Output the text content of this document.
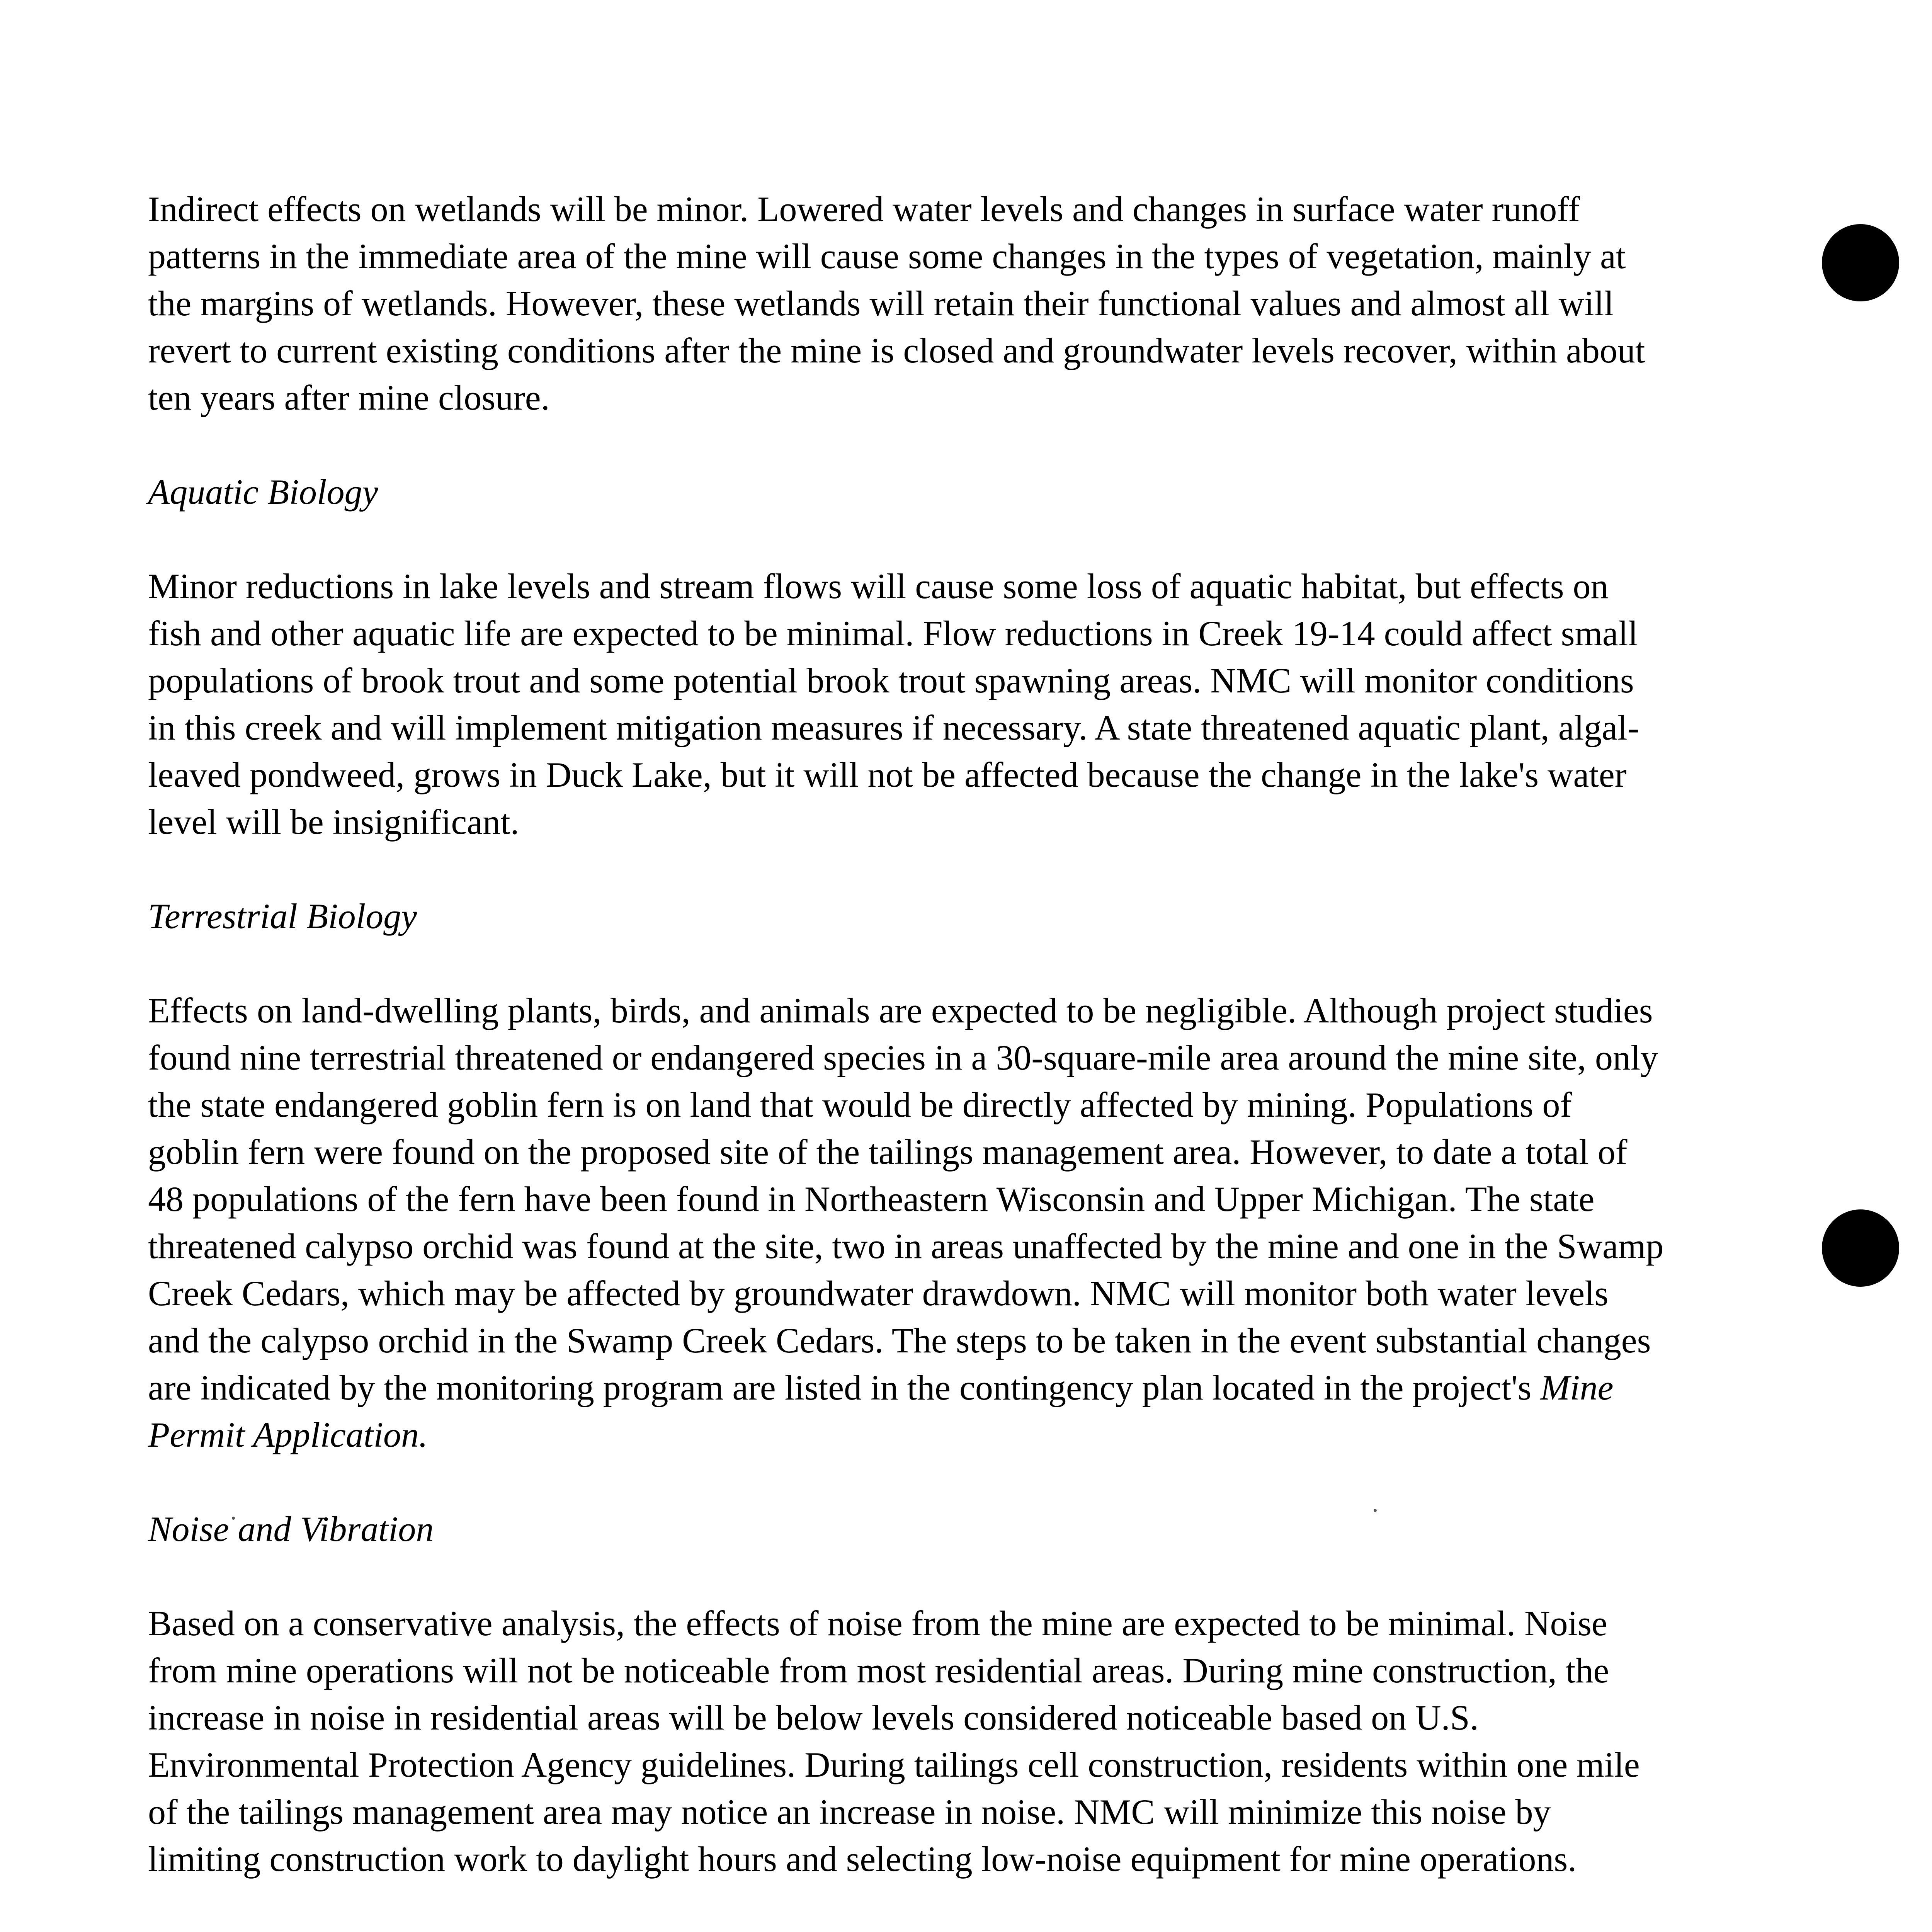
Indirect effects on wetlands will be minor. Lowered water levels and changes in surface water runoff patterns in the immediate area of the mine will cause some changes in the types of vegetation, mainly at the margins of wetlands. However, these wetlands will retain their functional values and almost all will revert to current existing conditions after the mine is closed and groundwater levels recover, within about ten years after mine closure.

Aquatic Biology

Minor reductions in lake levels and stream flows will cause some loss of aquatic habitat, but effects on fish and other aquatic life are expected to be minimal. Flow reductions in Creek 19-14 could affect small populations of brook trout and some potential brook trout spawning areas. NMC will monitor conditions in this creek and will implement mitigation measures if necessary. A state threatened aquatic plant, algal-leaved pondweed, grows in Duck Lake, but it will not be affected because the change in the lake's water level will be insignificant.

Terrestrial Biology

Effects on land-dwelling plants, birds, and animals are expected to be negligible. Although project studies found nine terrestrial threatened or endangered species in a 30-square-mile area around the mine site, only the state endangered goblin fern is on land that would be directly affected by mining. Populations of goblin fern were found on the proposed site of the tailings management area. However, to date a total of 48 populations of the fern have been found in Northeastern Wisconsin and Upper Michigan. The state threatened calypso orchid was found at the site, two in areas unaffected by the mine and one in the Swamp Creek Cedars, which may be affected by groundwater drawdown. NMC will monitor both water levels and the calypso orchid in the Swamp Creek Cedars. The steps to be taken in the event substantial changes are indicated by the monitoring program are listed in the contingency plan located in the project's Mine Permit Application.

Noise and Vibration

Based on a conservative analysis, the effects of noise from the mine are expected to be minimal. Noise from mine operations will not be noticeable from most residential areas. During mine construction, the increase in noise in residential areas will be below levels considered noticeable based on U.S. Environmental Protection Agency guidelines. During tailings cell construction, residents within one mile of the tailings management area may notice an increase in noise. NMC will minimize this noise by limiting construction work to daylight hours and selecting low-noise equipment for mine operations.
